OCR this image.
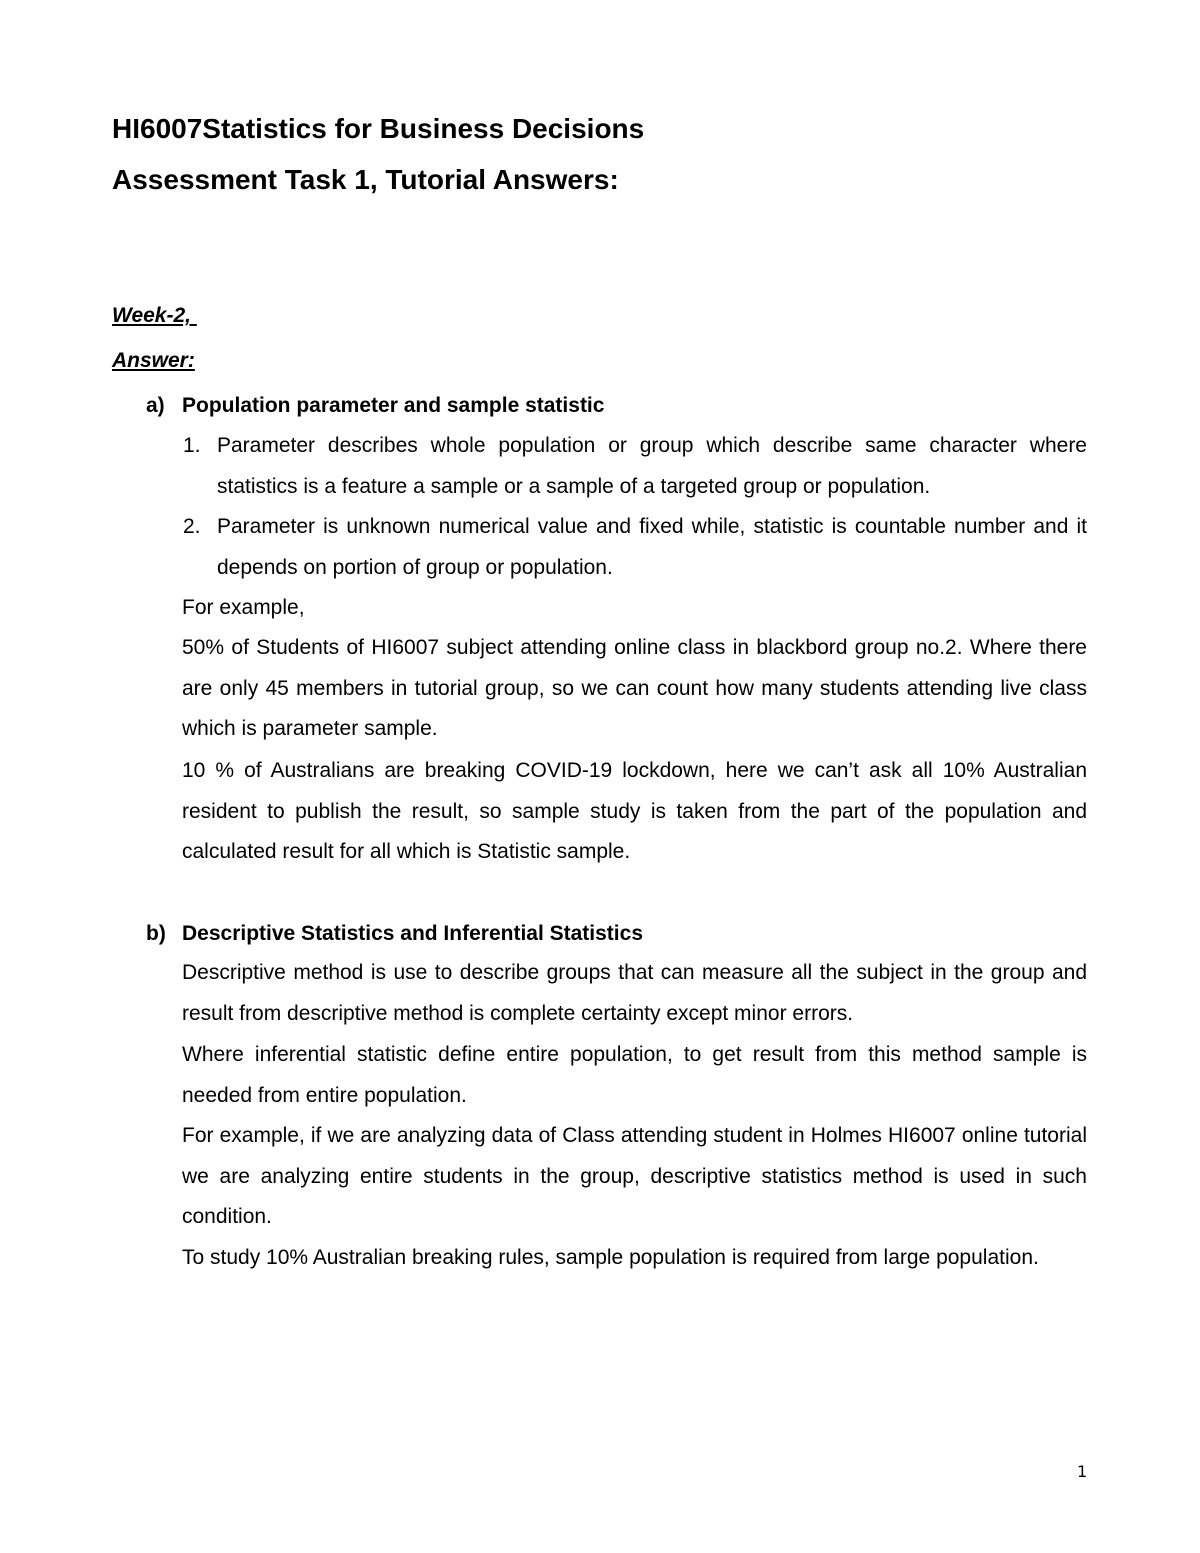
HI6007Statistics for Business Decisions
Assessment Task 1, Tutorial Answers:
Week-2,
Answer:
a) Population parameter and sample statistic
1. Parameter describes whole population or group which describe same character where statistics is a feature a sample or a sample of a targeted group or population.
2. Parameter is unknown numerical value and fixed while, statistic is countable number and it depends on portion of group or population.
For example,
50% of Students of HI6007 subject attending online class in blackbord group no.2. Where there are only 45 members in tutorial group, so we can count how many students attending live class which is parameter sample.
10 % of Australians are breaking COVID-19 lockdown, here we can’t ask all 10% Australian resident to publish the result, so sample study is taken from the part of the population and calculated result for all which is Statistic sample.
b) Descriptive Statistics and Inferential Statistics
Descriptive method is use to describe groups that can measure all the subject in the group and result from descriptive method is complete certainty except minor errors.
Where inferential statistic define entire population, to get result from this method sample is needed from entire population.
For example, if we are analyzing data of Class attending student in Holmes HI6007 online tutorial we are analyzing entire students in the group, descriptive statistics method is used in such condition.
To study 10% Australian breaking rules, sample population is required from large population.
1
